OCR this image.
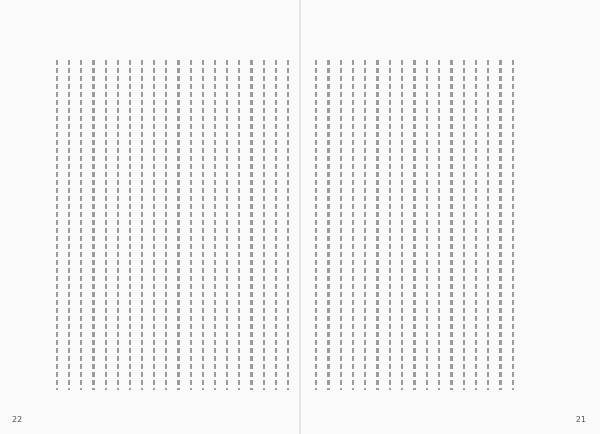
22	21
